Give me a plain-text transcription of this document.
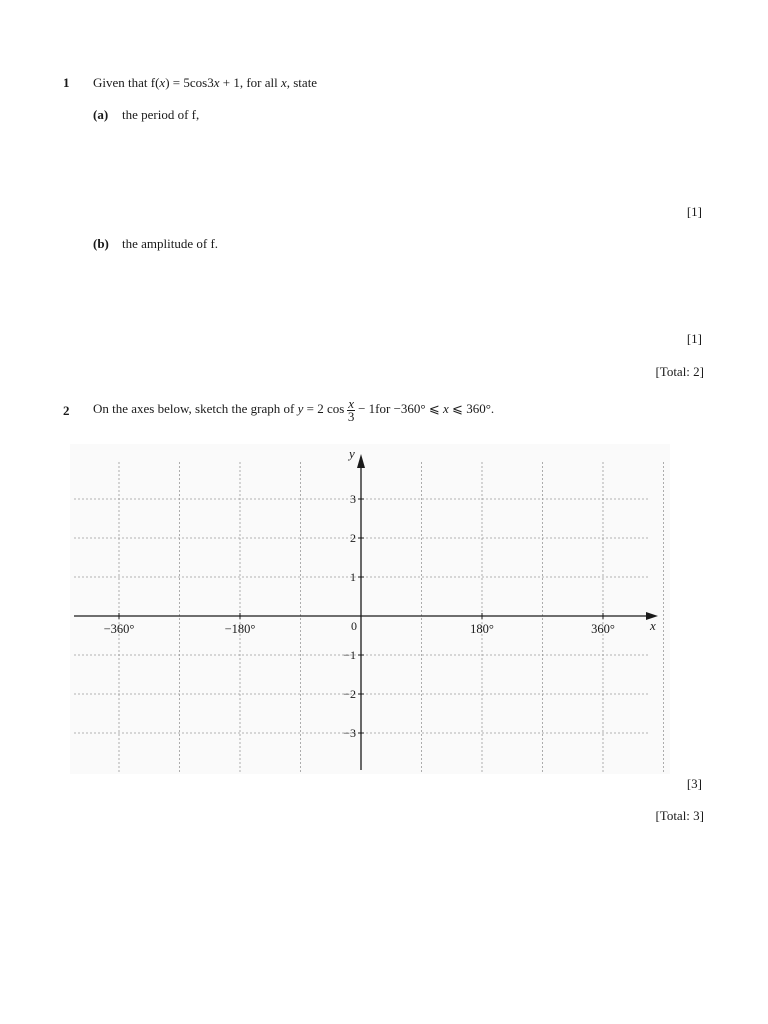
1 Given that f(x) = 5cos3x + 1, for all x, state
(a) the period of f,
[1]
(b) the amplitude of f.
[1]
[Total: 2]
2 On the axes below, sketch the graph of y = 2 $\cos \frac{x}{3} - 1for -360^\circ$ ⩽ x ⩽ 360°.
x
y
0
−360°	−180°	180°	360°
3
2
1
−1
−2
−3
[3]
[Total: 3]
